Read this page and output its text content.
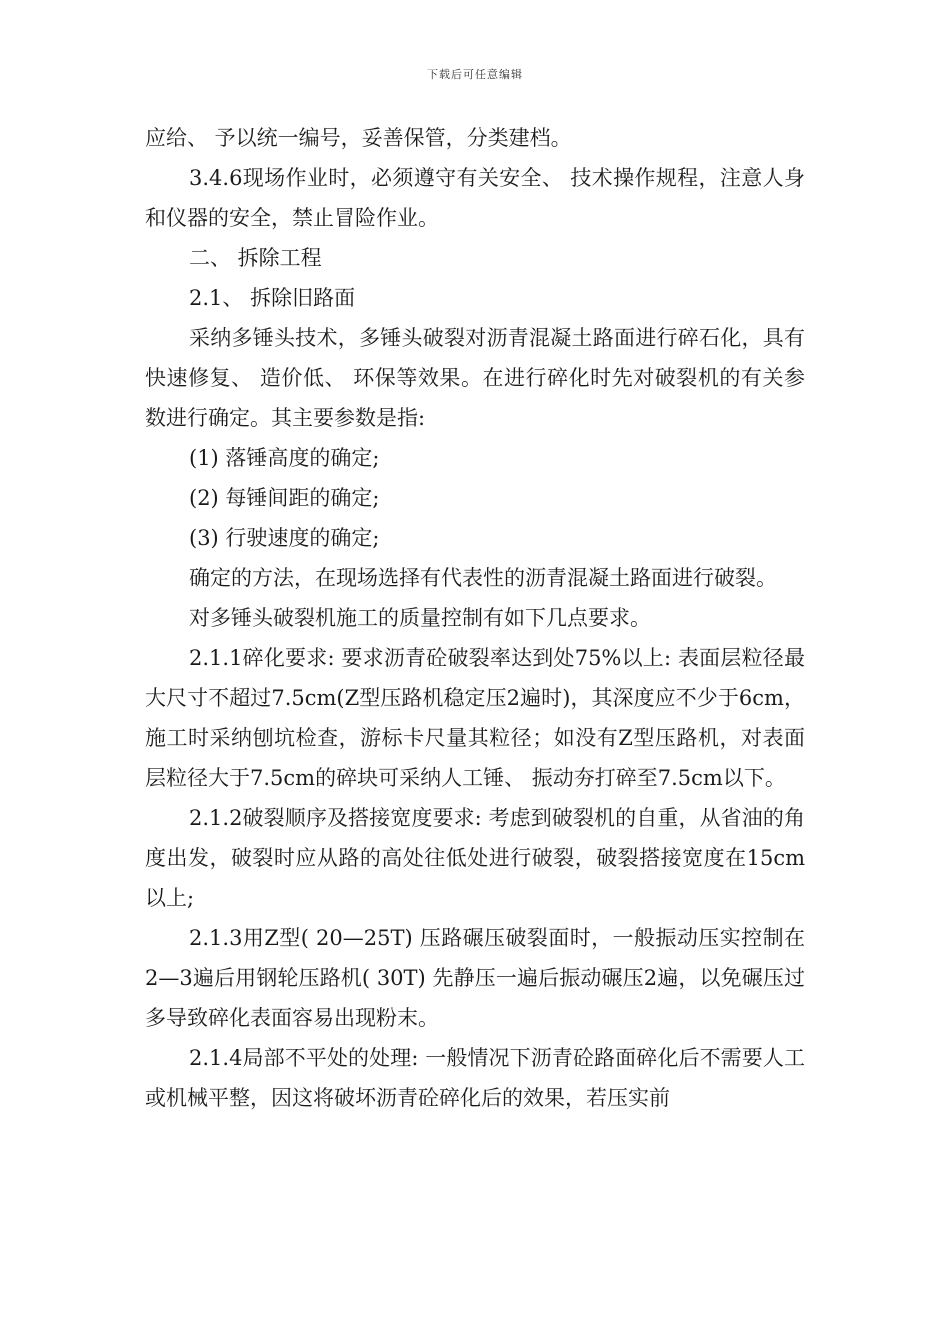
下载后可任意编辑

应给、 予以统一编号，妥善保管，分类建档。

3.4.6现场作业时，必须遵守有关安全、 技术操作规程，注意人身和仪器的安全，禁止冒险作业。

二、 拆除工程

2.1、 拆除旧路面

采纳多锤头技术，多锤头破裂对沥青混凝土路面进行碎石化，具有快速修复、 造价低、 环保等效果。在进行碎化时先对破裂机的有关参数进行确定。其主要参数是指:

(1) 落锤高度的确定;

(2) 每锤间距的确定;

(3) 行驶速度的确定;

确定的方法，在现场选择有代表性的沥青混凝土路面进行破裂。

对多锤头破裂机施工的质量控制有如下几点要求。

2.1.1碎化要求: 要求沥青砼破裂率达到处75%以上: 表面层粒径最大尺寸不超过7.5cm(Z型压路机稳定压2遍时)，其深度应不少于6cm，施工时采纳刨坑检查，游标卡尺量其粒径；如没有Z型压路机，对表面层粒径大于7.5cm的碎块可采纳人工锤、 振动夯打碎至7.5cm以下。

2.1.2破裂顺序及搭接宽度要求: 考虑到破裂机的自重，从省油的角度出发，破裂时应从路的高处往低处进行破裂，破裂搭接宽度在15cm以上;

2.1.3用Z型( 20—25T) 压路碾压破裂面时，一般振动压实控制在2—3遍后用钢轮压路机( 30T) 先静压一遍后振动碾压2遍，以免碾压过多导致碎化表面容易出现粉末。

2.1.4局部不平处的处理: 一般情况下沥青砼路面碎化后不需要人工或机械平整，因这将破坏沥青砼碎化后的效果，若压实前
